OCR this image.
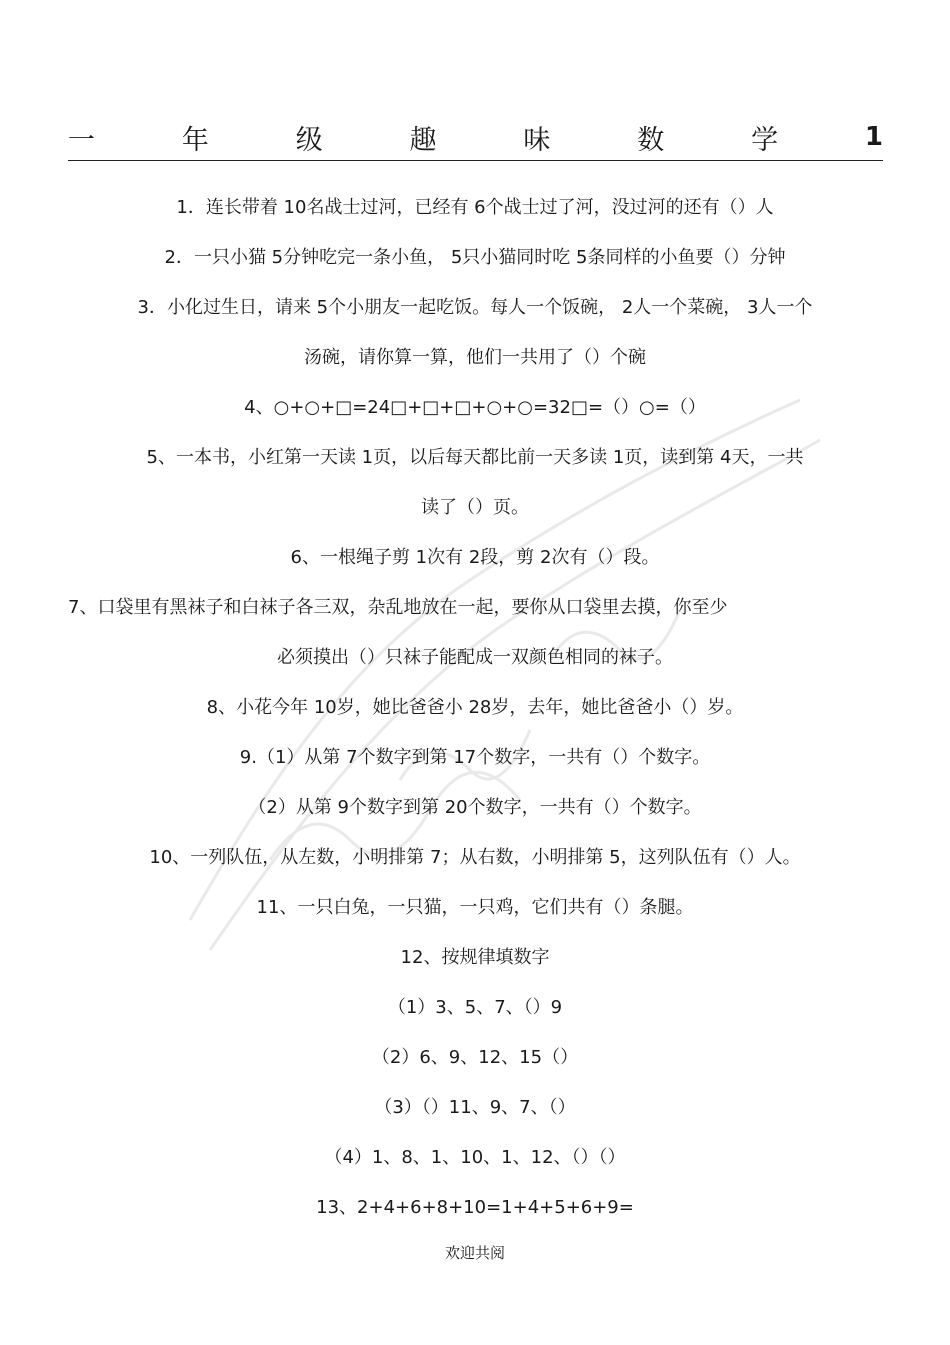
一	年	级	趣	味	数	学	1
1．连长带着 10名战士过河，已经有 6个战士过了河，没过河的还有（）人
2．一只小猫 5分钟吃完一条小鱼， 5只小猫同时吃 5条同样的小鱼要（）分钟
3．小化过生日，请来 5个小朋友一起吃饭。每人一个饭碗， 2人一个菜碗， 3人一个
汤碗，请你算一算，他们一共用了（）个碗
4、○+○+□=24□+□+□+○+○=32□=（）○=（）
5、一本书，小红第一天读 1页，以后每天都比前一天多读 1页，读到第 4天，一共
读了（）页。
6、一根绳子剪 1次有 2段，剪 2次有（）段。
7、口袋里有黑袜子和白袜子各三双，杂乱地放在一起，要你从口袋里去摸，你至少
必须摸出（）只袜子能配成一双颜色相同的袜子。
8、小花今年 10岁，她比爸爸小 28岁，去年，她比爸爸小（）岁。
9.（1）从第 7个数字到第 17个数字，一共有（）个数字。
（2）从第 9个数字到第 20个数字，一共有（）个数字。
10、一列队伍，从左数，小明排第 7；从右数，小明排第 5，这列队伍有（）人。
11、一只白兔，一只猫，一只鸡，它们共有（）条腿。
12、按规律填数字
（1）3、5、7、（）9
（2）6、9、12、15（）
（3）（）11、9、7、（）
（4）1、8、1、10、1、12、（）（）
13、2+4+6+8+10=1+4+5+6+9=
欢迎共阅
